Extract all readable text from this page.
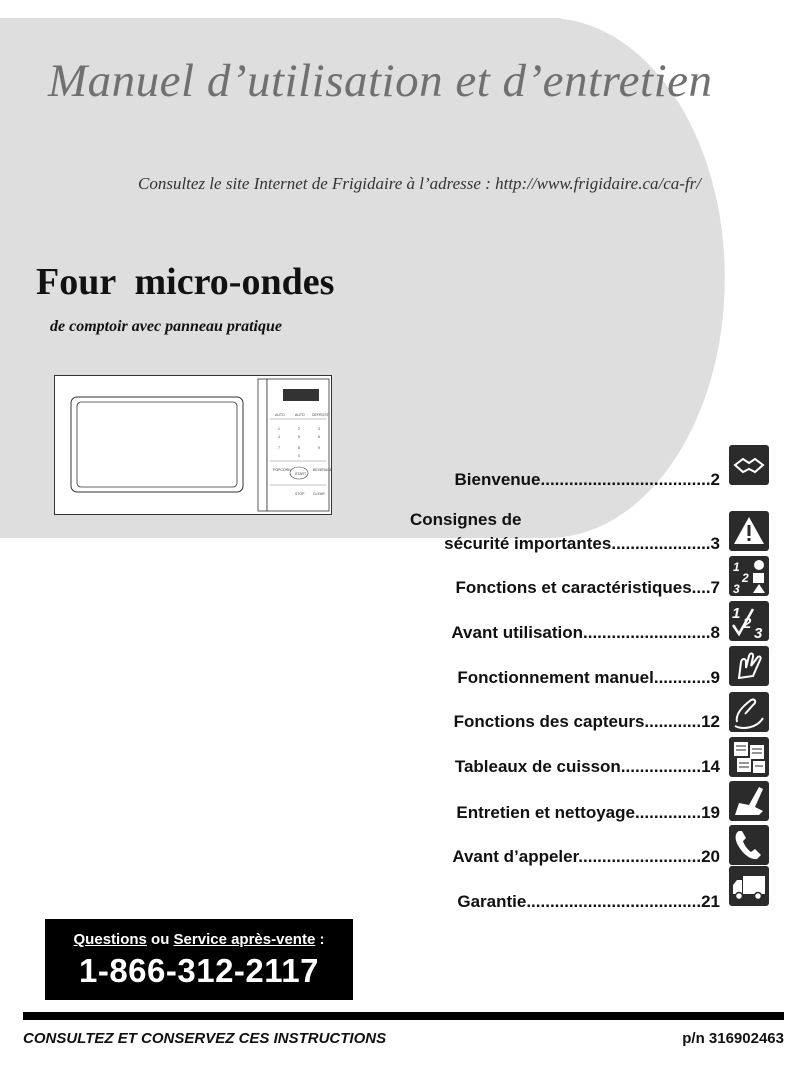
Manuel d’utilisation et d’entretien
Consultez le site Internet de Frigidaire à l’adresse : http://www.frigidaire.ca/ca-fr/
Four  micro-ondes
de comptoir avec panneau pratique
AUTO	AUTO DEFROST
1	2	3
4	5	6
7	8	9
0
POPCORN
START
BEVERAGE
STOP CLEAR
Bienvenue....................................2
Consignes de
sécurité importantes.....................3
Fonctions et caractéristiques....7
1
2
3
Avant utilisation...........................8
1
2
3
Fonctionnement manuel............9
Fonctions des capteurs............12
Tableaux de cuisson.................14
Entretien et nettoyage..............19
Avant d’appeler..........................20
Garantie.....................................21
Questions ou Service après-vente :
1-866-312-2117
CONSULTEZ ET CONSERVEZ CES INSTRUCTIONS	p/n 316902463
